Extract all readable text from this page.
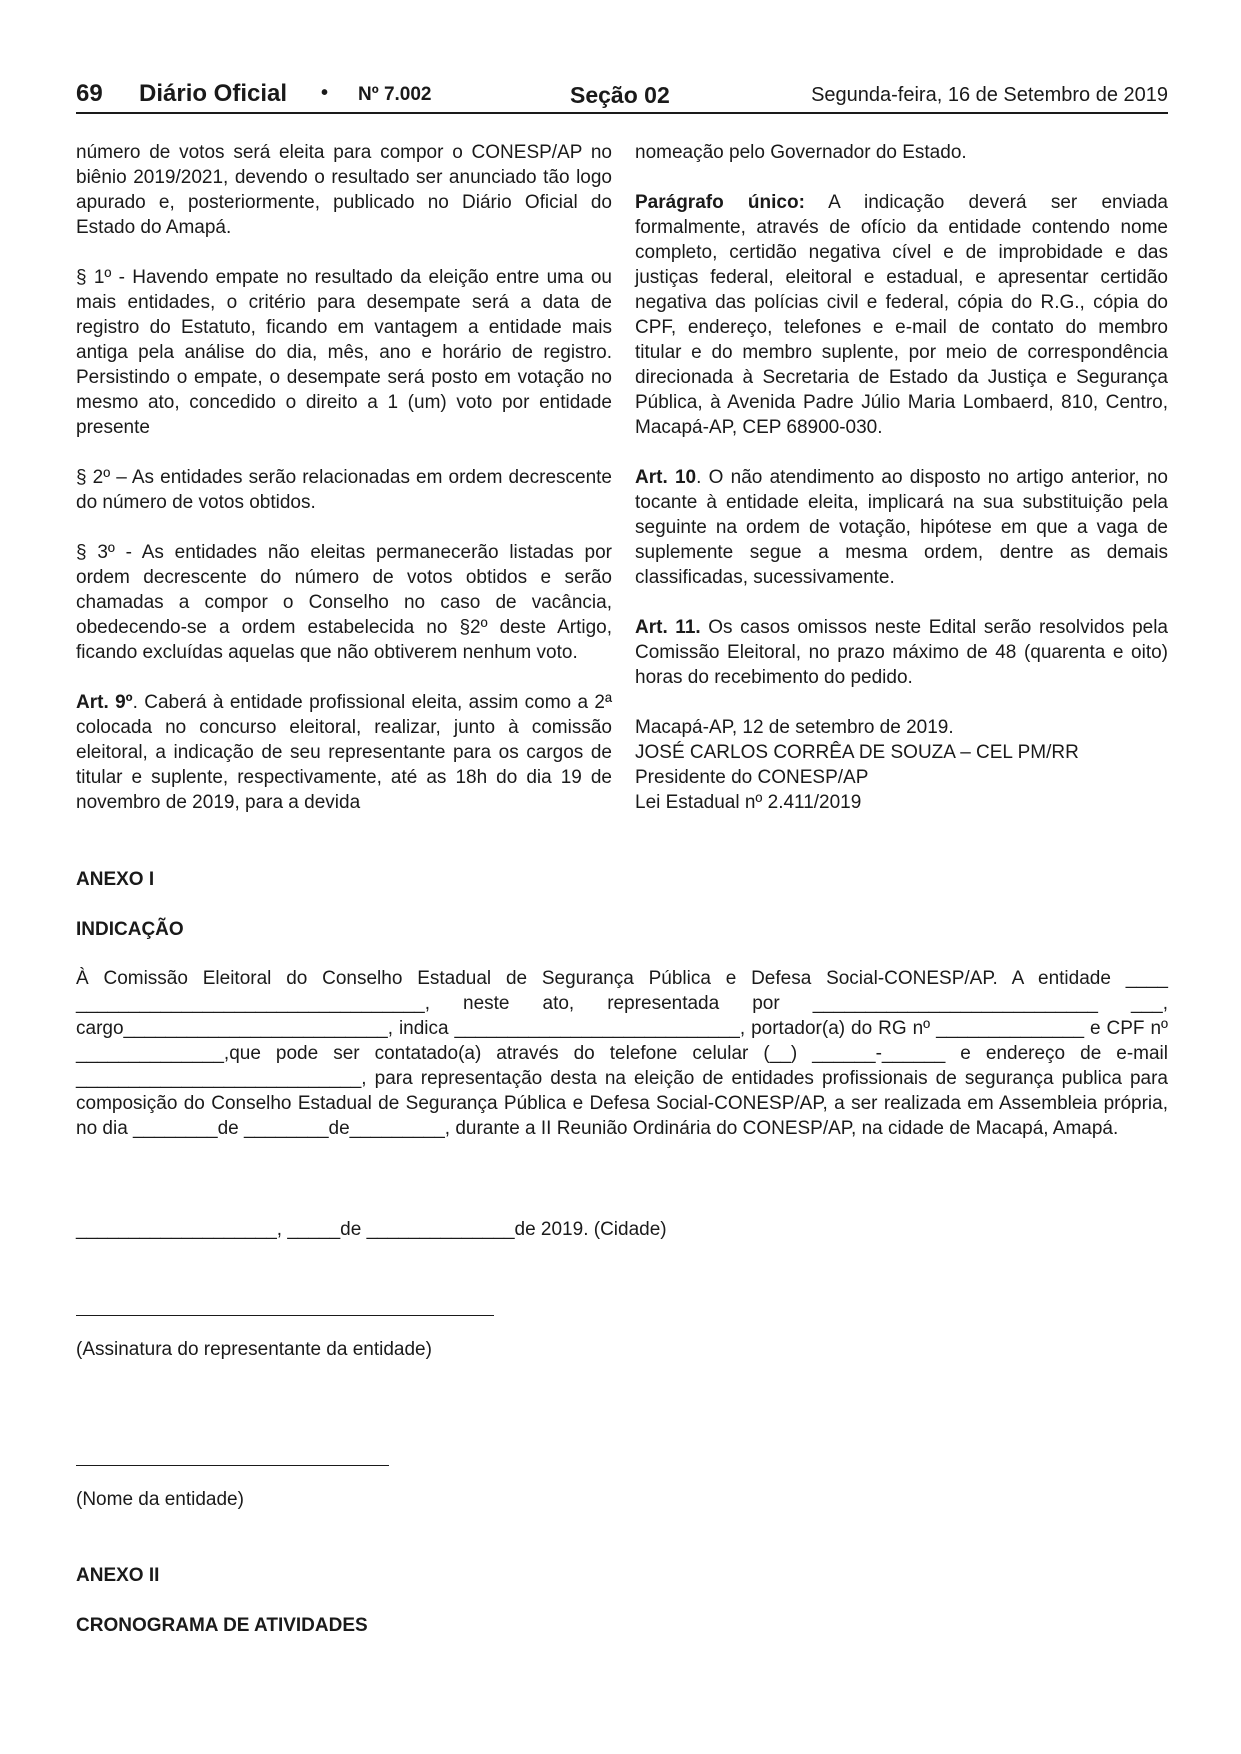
69 Diário Oficial • Nº 7.002	Seção 02	Segunda-feira, 16 de Setembro de 2019

número de votos será eleita para compor o CONESP/AP no biênio 2019/2021, devendo o resultado ser anunciado tão logo apurado e, posteriormente, publicado no Diário Oficial do Estado do Amapá.

§ 1º - Havendo empate no resultado da eleição entre uma ou mais entidades, o critério para desempate será a data de registro do Estatuto, ficando em vantagem a entidade mais antiga pela análise do dia, mês, ano e horário de registro. Persistindo o empate, o desempate será posto em votação no mesmo ato, concedido o direito a 1 (um) voto por entidade presente

§ 2º – As entidades serão relacionadas em ordem decrescente do número de votos obtidos.

§ 3º - As entidades não eleitas permanecerão listadas por ordem decrescente do número de votos obtidos e serão chamadas a compor o Conselho no caso de vacância, obedecendo-se a ordem estabelecida no §2º deste Artigo, ficando excluídas aquelas que não obtiverem nenhum voto.

Art. 9º. Caberá à entidade profissional eleita, assim como a 2ª colocada no concurso eleitoral, realizar, junto à comissão eleitoral, a indicação de seu representante para os cargos de titular e suplente, respectivamente, até as 18h do dia 19 de novembro de 2019, para a devida

nomeação pelo Governador do Estado.

Parágrafo único: A indicação deverá ser enviada formalmente, através de ofício da entidade contendo nome completo, certidão negativa cível e de improbidade e das justiças federal, eleitoral e estadual, e apresentar certidão negativa das polícias civil e federal, cópia do R.G., cópia do CPF, endereço, telefones e e-mail de contato do membro titular e do membro suplente, por meio de correspondência direcionada à Secretaria de Estado da Justiça e Segurança Pública, à Avenida Padre Júlio Maria Lombaerd, 810, Centro, Macapá-AP, CEP 68900-030.

Art. 10. O não atendimento ao disposto no artigo anterior, no tocante à entidade eleita, implicará na sua substituição pela seguinte na ordem de votação, hipótese em que a vaga de suplemente segue a mesma ordem, dentre as demais classificadas, sucessivamente.

Art. 11. Os casos omissos neste Edital serão resolvidos pela Comissão Eleitoral, no prazo máximo de 48 (quarenta e oito) horas do recebimento do pedido.

Macapá-AP, 12 de setembro de 2019.
JOSÉ CARLOS CORRÊA DE SOUZA – CEL PM/RR
Presidente do CONESP/AP
Lei Estadual nº 2.411/2019

ANEXO I
INDICAÇÃO
À Comissão Eleitoral do Conselho Estadual de Segurança Pública e Defesa Social-CONESP/AP. A entidade ____ _________________________________, neste ato, representada por ___________________________ ___, cargo_________________________, indica ___________________________, portador(a) do RG nº ______________ e CPF nº ______________,que pode ser contatado(a) através do telefone celular (__) ______-______ e endereço de e-mail ___________________________, para representação desta na eleição de entidades profissionais de segurança publica para composição do Conselho Estadual de Segurança Pública e Defesa Social-CONESP/AP, a ser realizada em Assembleia própria, no dia ________de ________de_________, durante a II Reunião Ordinária do CONESP/AP, na cidade de Macapá, Amapá.
___________________, _____de ______________de 2019. (Cidade)
(Assinatura do representante da entidade)
(Nome da entidade)
ANEXO II
CRONOGRAMA DE ATIVIDADES
